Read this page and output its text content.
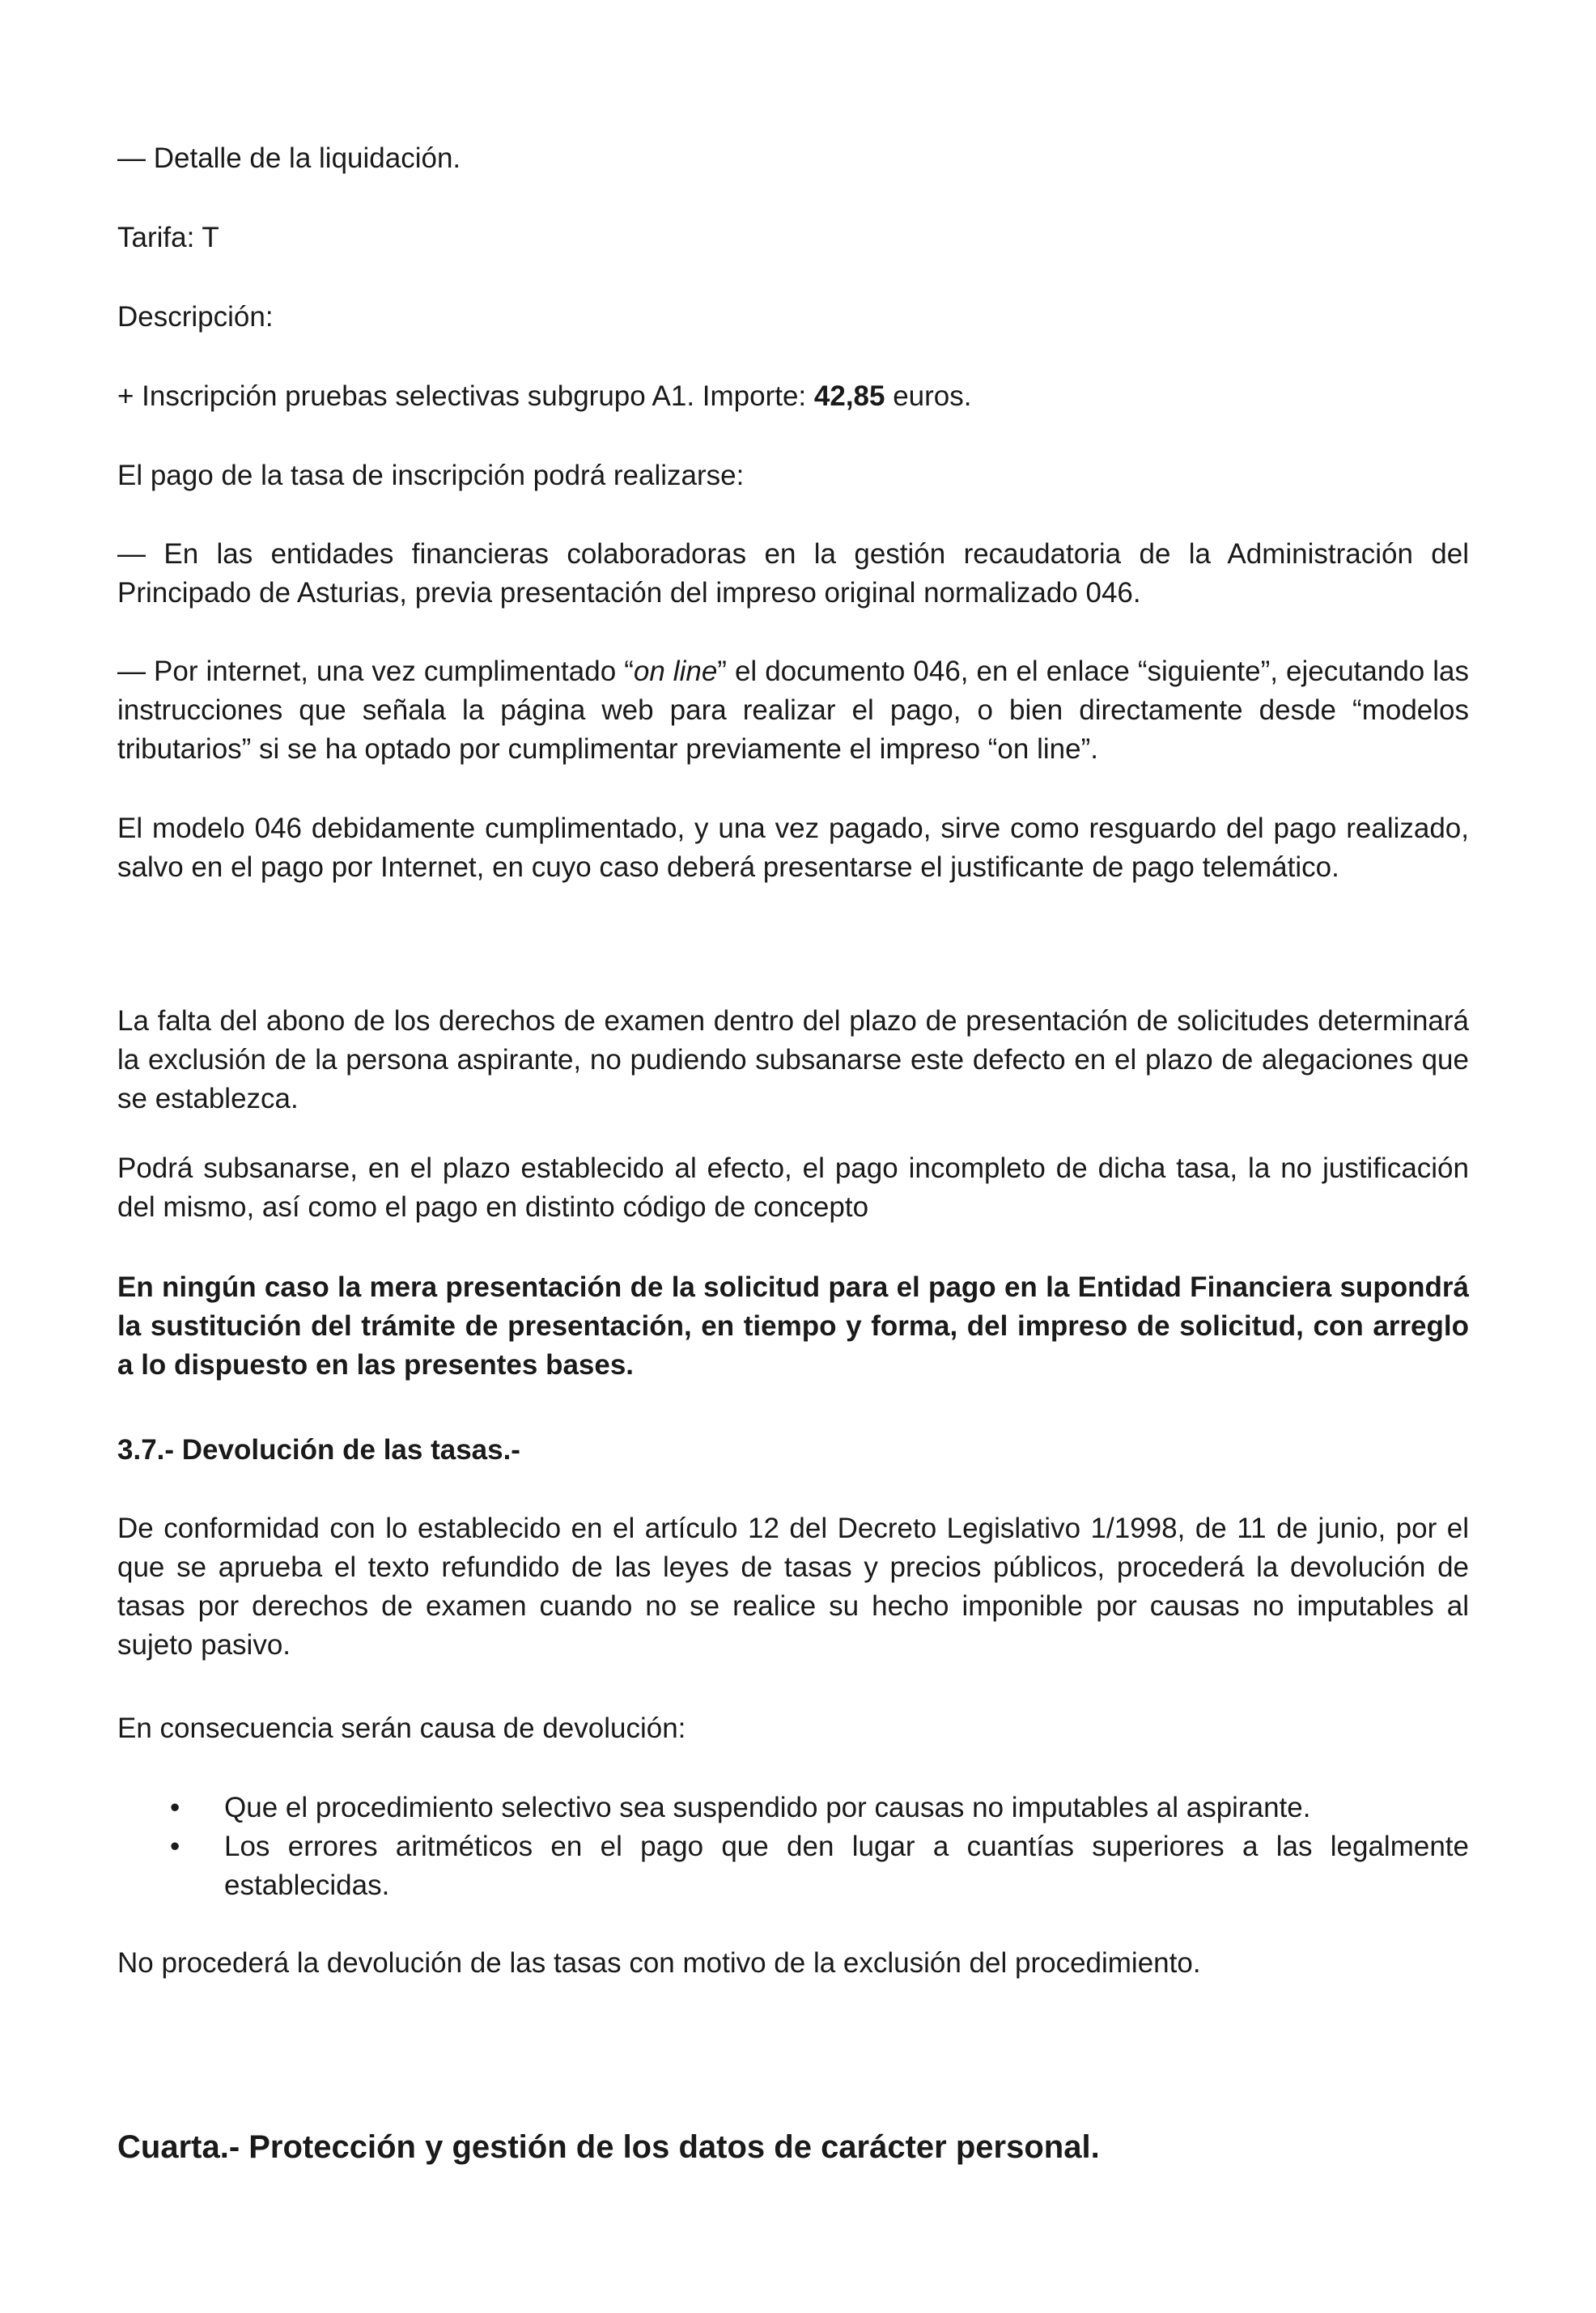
— Detalle de la liquidación.

Tarifa: T

Descripción:

+ Inscripción pruebas selectivas subgrupo A1. Importe: 42,85 euros.

El pago de la tasa de inscripción podrá realizarse:

— En las entidades financieras colaboradoras en la gestión recaudatoria de la Administración del Principado de Asturias, previa presentación del impreso original normalizado 046.

— Por internet, una vez cumplimentado “on line” el documento 046, en el enlace “siguiente”, ejecutando las instrucciones que señala la página web para realizar el pago, o bien directamente desde “modelos tributarios” si se ha optado por cumplimentar previamente el impreso “on line”.

El modelo 046 debidamente cumplimentado, y una vez pagado, sirve como resguardo del pago realizado, salvo en el pago por Internet, en cuyo caso deberá presentarse el justificante de pago telemático.

La falta del abono de los derechos de examen dentro del plazo de presentación de solicitudes determinará la exclusión de la persona aspirante, no pudiendo subsanarse este defecto en el plazo de alegaciones que se establezca.

Podrá subsanarse, en el plazo establecido al efecto, el pago incompleto de dicha tasa, la no justificación del mismo, así como el pago en distinto código de concepto

En ningún caso la mera presentación de la solicitud para el pago en la Entidad Financiera supondrá la sustitución del trámite de presentación, en tiempo y forma, del impreso de solicitud, con arreglo a lo dispuesto en las presentes bases.

3.7.- Devolución de las tasas.-

De conformidad con lo establecido en el artículo 12 del Decreto Legislativo 1/1998, de 11 de junio, por el que se aprueba el texto refundido de las leyes de tasas y precios públicos, procederá la devolución de tasas por derechos de examen cuando no se realice su hecho imponible por causas no imputables al sujeto pasivo.

En consecuencia serán causa de devolución:

• Que el procedimiento selectivo sea suspendido por causas no imputables al aspirante.
• Los errores aritméticos en el pago que den lugar a cuantías superiores a las legalmente establecidas.

No procederá la devolución de las tasas con motivo de la exclusión del procedimiento.

Cuarta.- Protección y gestión de los datos de carácter personal.
